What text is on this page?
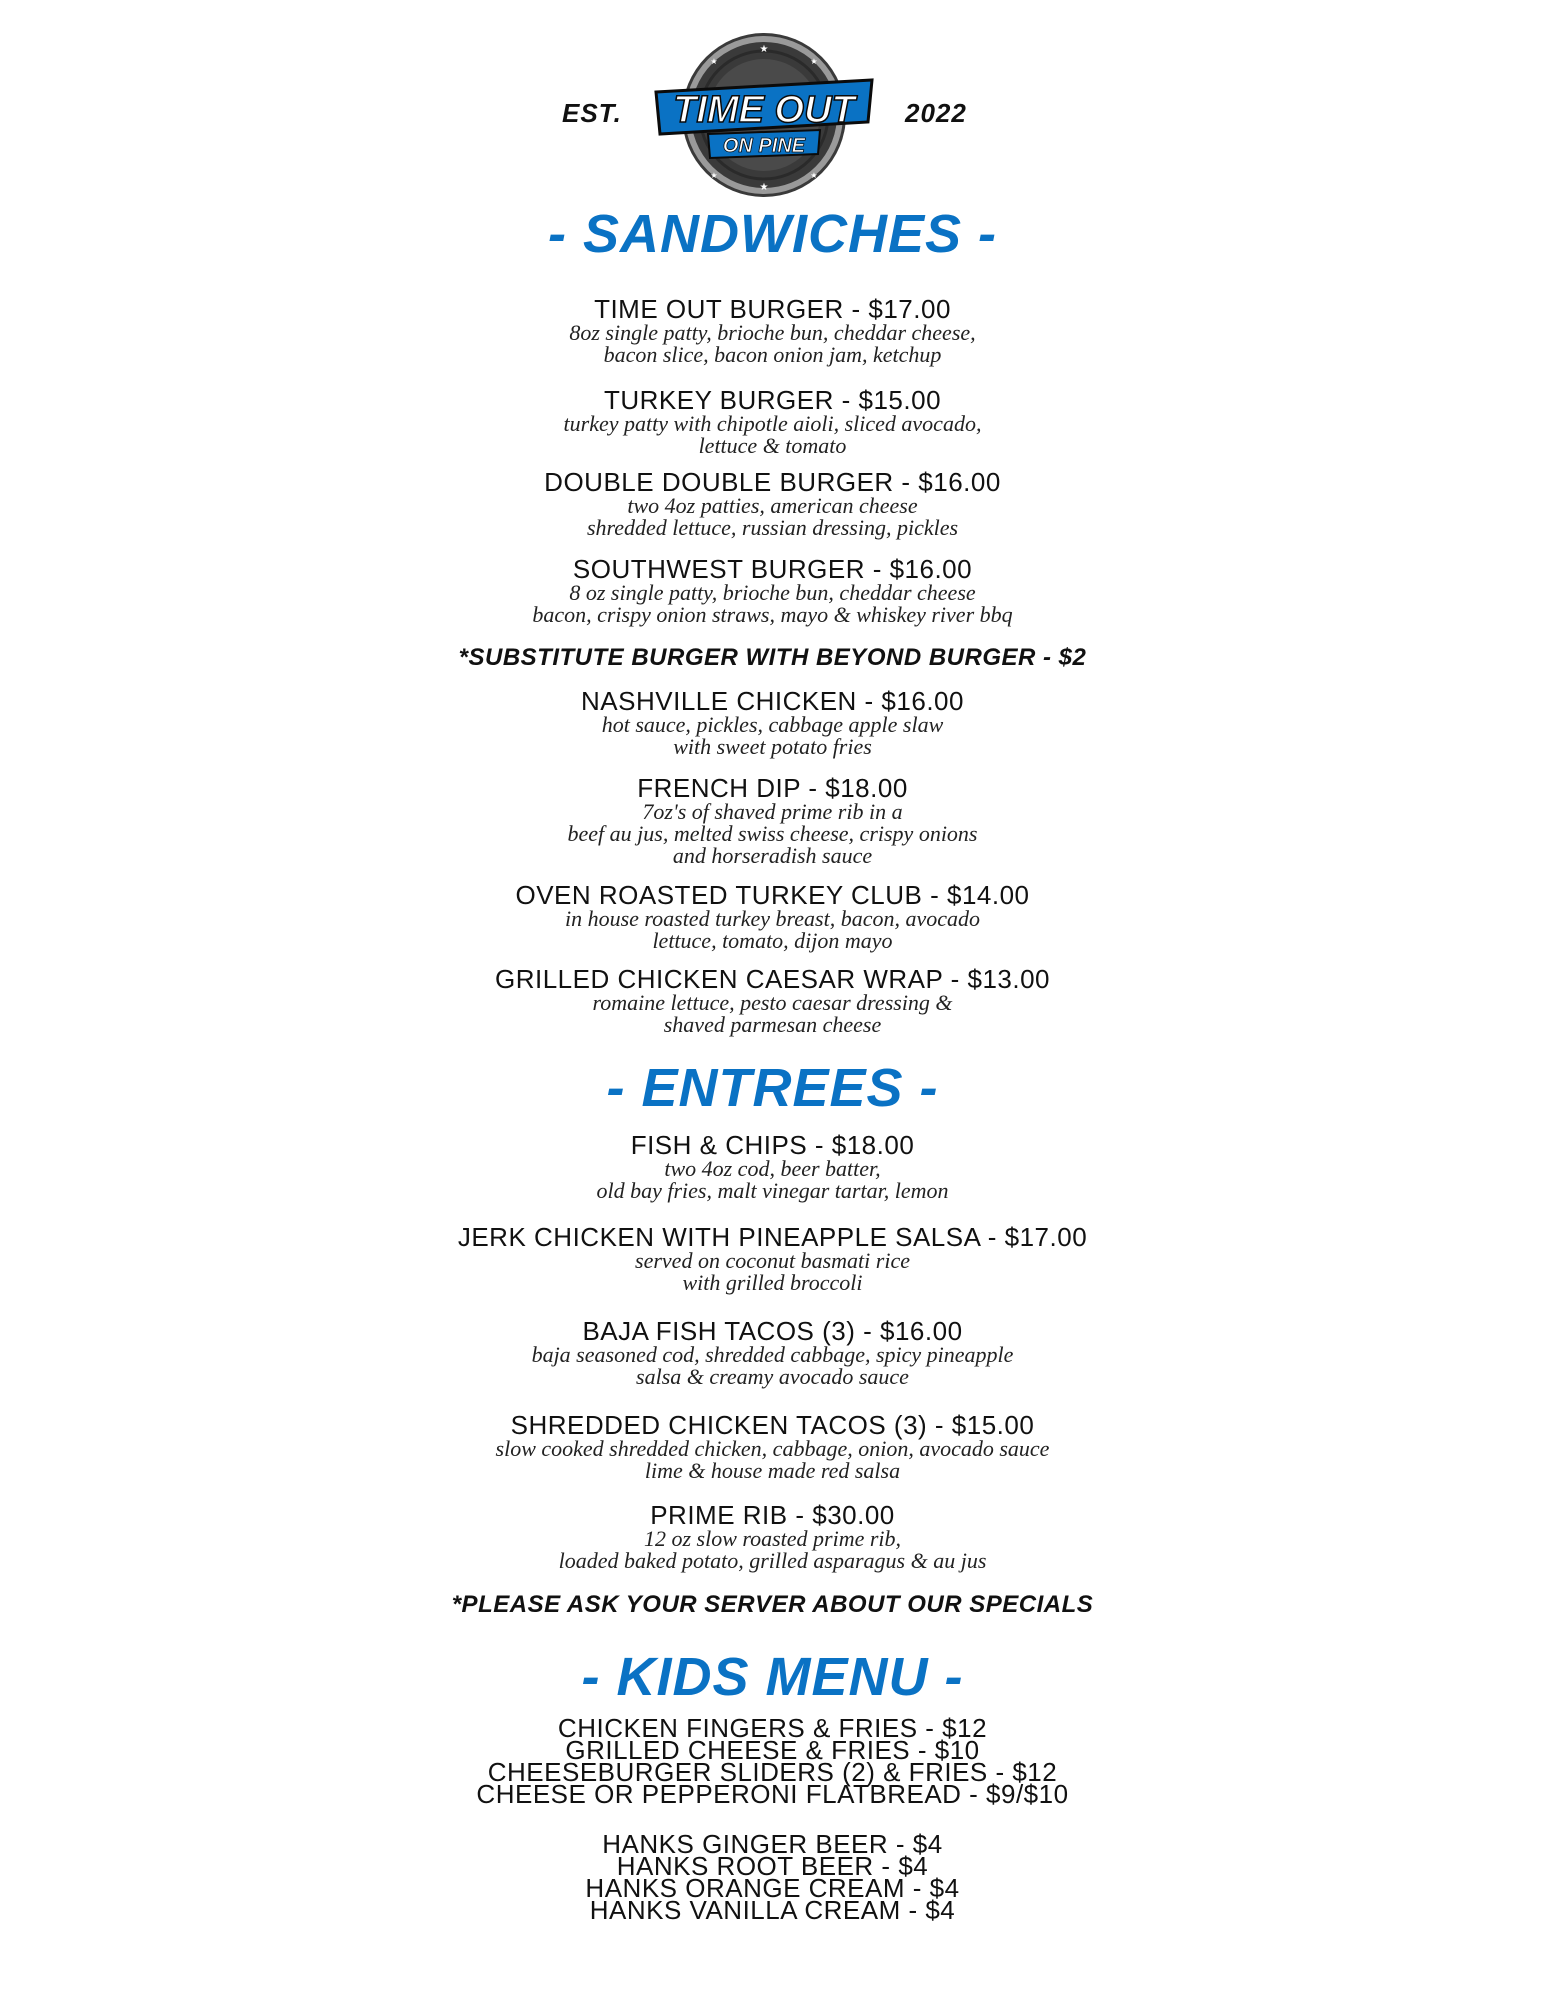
EST. TIME OUT
ON PINE
★
★
★	★
★	★
2022
- SANDWICHES -
TIME OUT BURGER - $17.00
8oz single patty, brioche bun, cheddar cheese,
bacon slice, bacon onion jam, ketchup
TURKEY BURGER - $15.00
turkey patty with chipotle aioli, sliced avocado,
lettuce & tomato
DOUBLE DOUBLE BURGER - $16.00
two 4oz patties, american cheese
shredded lettuce, russian dressing, pickles
SOUTHWEST BURGER - $16.00
8 oz single patty, brioche bun, cheddar cheese
bacon, crispy onion straws, mayo & whiskey river bbq
*SUBSTITUTE BURGER WITH BEYOND BURGER - $2
NASHVILLE CHICKEN - $16.00
hot sauce, pickles, cabbage apple slaw
with sweet potato fries
FRENCH DIP - $18.00
7oz's of shaved prime rib in a
beef au jus, melted swiss cheese, crispy onions
and horseradish sauce
OVEN ROASTED TURKEY CLUB - $14.00
in house roasted turkey breast, bacon, avocado
lettuce, tomato, dijon mayo
GRILLED CHICKEN CAESAR WRAP - $13.00
romaine lettuce, pesto caesar dressing &
shaved parmesan cheese
- ENTREES -
FISH & CHIPS - $18.00
two 4oz cod, beer batter,
old bay fries, malt vinegar tartar, lemon
JERK CHICKEN WITH PINEAPPLE SALSA - $17.00
served on coconut basmati rice
with grilled broccoli
BAJA FISH TACOS (3) - $16.00
baja seasoned cod, shredded cabbage, spicy pineapple
salsa & creamy avocado sauce
SHREDDED CHICKEN TACOS (3) - $15.00
slow cooked shredded chicken, cabbage, onion, avocado sauce
lime & house made red salsa
PRIME RIB - $30.00
12 oz slow roasted prime rib,
loaded baked potato, grilled asparagus & au jus
*PLEASE ASK YOUR SERVER ABOUT OUR SPECIALS
- KIDS MENU -
CHICKEN FINGERS & FRIES - $12
GRILLED CHEESE & FRIES - $10
CHEESEBURGER SLIDERS (2) & FRIES - $12
CHEESE OR PEPPERONI FLATBREAD - $9/$10
HANKS GINGER BEER - $4
HANKS ROOT BEER - $4
HANKS ORANGE CREAM - $4
HANKS VANILLA CREAM - $4
